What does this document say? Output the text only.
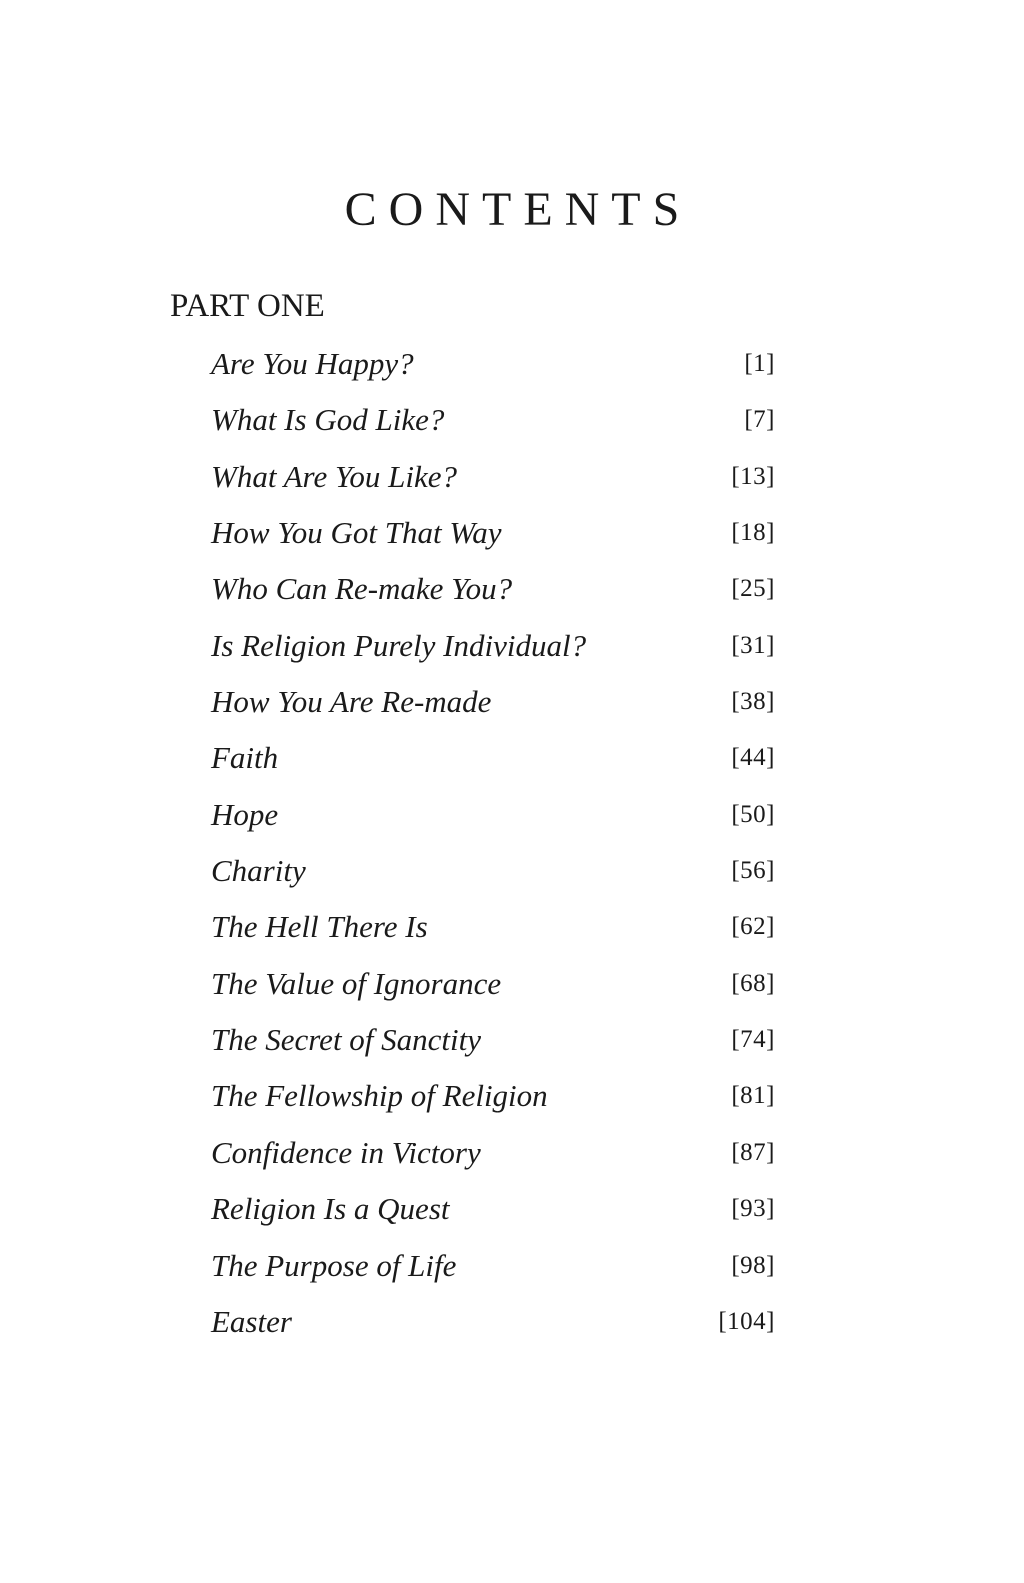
CONTENTS
PART ONE
Are You Happy?	[1]
What Is God Like?	[7]
What Are You Like?	[13]
How You Got That Way	[18]
Who Can Re-make You?	[25]
Is Religion Purely Individual?	[31]
How You Are Re-made	[38]
Faith	[44]
Hope	[50]
Charity	[56]
The Hell There Is	[62]
The Value of Ignorance	[68]
The Secret of Sanctity	[74]
The Fellowship of Religion	[81]
Confidence in Victory	[87]
Religion Is a Quest	[93]
The Purpose of Life	[98]
Easter	[104]
